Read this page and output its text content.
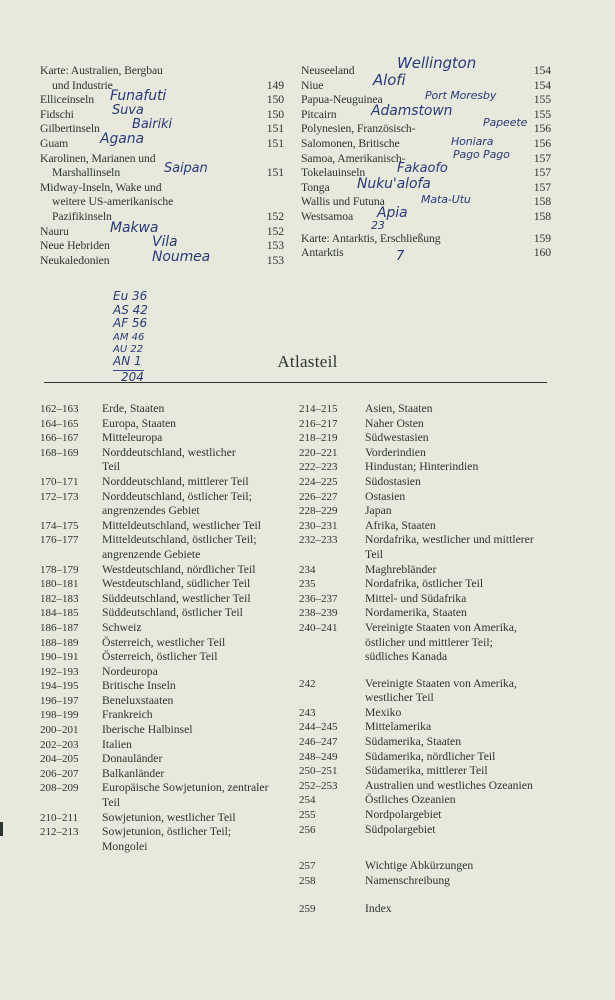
Karte: Australien, Bergbau
und Industrie	149
Elliceinseln	150
Funafuti
Fidschi	150
Suva
Gilbertinseln	151
Bairiki
Guam	151
Agana
Karolinen, Marianen und
Marshallinseln	151
Saipan
Midway-Inseln, Wake und
weitere US-amerikanische
Pazifikinseln	152
Nauru	152
Makwa
Neue Hebriden	153
Vila
Neukaledonien	153
Noumea
Neuseeland	154
Wellington
Niue	154
Alofi
Papua-Neuguinea	155
Port Moresby
Pitcairn	155
Adamstown
Polynesien, Französisch-	156
Papeete
Salomonen, Britische	156
Honiara
Samoa, Amerikanisch-	157
Pago Pago
Tokelauinseln	157
Fakaofo
Tonga	157
Nuku'alofa
Wallis und Futuna	158
Mata-Utu
Westsamoa	158
Apia
23
Karte: Antarktis, Erschließung	159
Antarktis	160
7
Eu 36
AS 42
AF 56
AM 46
AU 22
AN 1
204
Atlasteil
162–163	Erde, Staaten
164–165	Europa, Staaten
166–167	Mitteleuropa
168–169	Norddeutschland, westlicher Teil
170–171	Norddeutschland, mittlerer Teil
172–173	Norddeutschland, östlicher Teil; angrenzendes Gebiet
174–175	Mitteldeutschland, westlicher Teil
176–177	Mitteldeutschland, östlicher Teil; angrenzende Gebiete
178–179	Westdeutschland, nördlicher Teil
180–181	Westdeutschland, südlicher Teil
182–183	Süddeutschland, westlicher Teil
184–185	Süddeutschland, östlicher Teil
186–187	Schweiz
188–189	Österreich, westlicher Teil
190–191	Österreich, östlicher Teil
192–193	Nordeuropa
194–195	Britische Inseln
196–197	Beneluxstaaten
198–199	Frankreich
200–201	Iberische Halbinsel
202–203	Italien
204–205	Donauländer
206–207	Balkanländer
208–209	Europäische Sowjetunion, zentraler Teil
210–211	Sowjetunion, westlicher Teil
212–213	Sowjetunion, östlicher Teil; Mongolei
214–215	Asien, Staaten
216–217	Naher Osten
218–219	Südwestasien
220–221	Vorderindien
222–223	Hindustan; Hinterindien
224–225	Südostasien
226–227	Ostasien
228–229	Japan
230–231	Afrika, Staaten
232–233	Nordafrika, westlicher und mittlerer Teil
234	Maghrebländer
235	Nordafrika, östlicher Teil
236–237	Mittel- und Südafrika
238–239	Nordamerika, Staaten
240–241	Vereinigte Staaten von Amerika, östlicher und mittlerer Teil; südliches Kanada
242	Vereinigte Staaten von Amerika, westlicher Teil
243	Mexiko
244–245	Mittelamerika
246–247	Südamerika, Staaten
248–249	Südamerika, nördlicher Teil
250–251	Südamerika, mittlerer Teil
252–253	Australien und westliches Ozeanien
254	Östliches Ozeanien
255	Nordpolargebiet
256	Südpolargebiet
257	Wichtige Abkürzungen
258	Namenschreibung
259	Index
